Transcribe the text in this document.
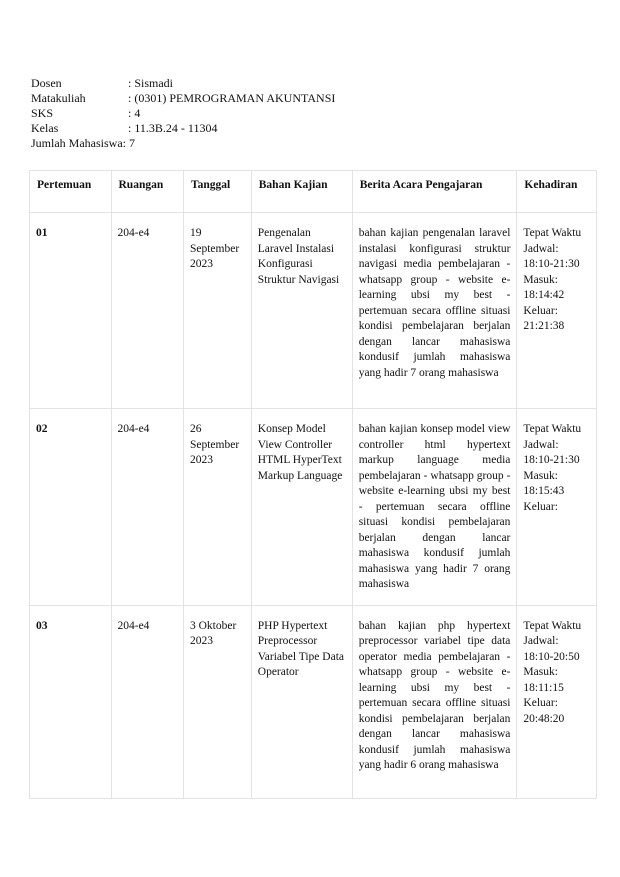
Dosen	: Sismadi
Matakuliah	: (0301) PEMROGRAMAN AKUNTANSI
SKS	: 4
Kelas	: 11.3B.24 - 11304
Jumlah Mahasiswa : 7
Pertemuan	Ruangan	Tanggal	Bahan Kajian	Berita Acara Pengajaran	Kehadiran
01	204-e4	19 September 2023	Pengenalan Laravel Instalasi Konfigurasi Struktur Navigasi	bahan kajian pengenalan laravel instalasi konfigurasi struktur navigasi media pembelajaran - whatsapp group - website e-learning ubsi my best - pertemuan secara offline situasi kondisi pembelajaran berjalan dengan lancar mahasiswa kondusif jumlah mahasiswa yang hadir 7 orang mahasiswa	Tepat Waktu Jadwal: 18:10-21:30 Masuk: 18:14:42 Keluar: 21:21:38
02	204-e4	26 September 2023	Konsep Model View Controller HTML HyperText Markup Language	bahan kajian konsep model view controller html hypertext markup language media pembelajaran - whatsapp group - website e-learning ubsi my best - pertemuan secara offline situasi kondisi pembelajaran berjalan dengan lancar mahasiswa kondusif jumlah mahasiswa yang hadir 7 orang mahasiswa	Tepat Waktu Jadwal: 18:10-21:30 Masuk: 18:15:43 Keluar:
03	204-e4	3 Oktober 2023	PHP Hypertext Preprocessor Variabel Tipe Data Operator	bahan kajian php hypertext preprocessor variabel tipe data operator media pembelajaran - whatsapp group - website e-learning ubsi my best - pertemuan secara offline situasi kondisi pembelajaran berjalan dengan lancar mahasiswa kondusif jumlah mahasiswa yang hadir 6 orang mahasiswa	Tepat Waktu Jadwal: 18:10-20:50 Masuk: 18:11:15 Keluar: 20:48:20
